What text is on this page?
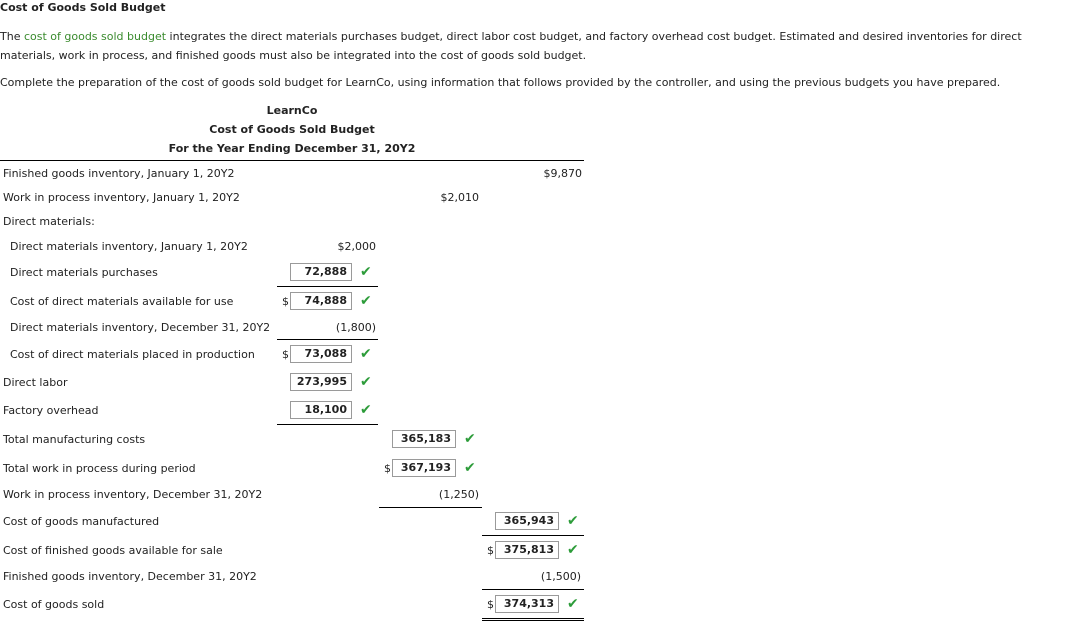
Cost of Goods Sold Budget
The cost of goods sold budget integrates the direct materials purchases budget, direct labor cost budget, and factory overhead cost budget. Estimated and desired inventories for direct materials, work in process, and finished goods must also be integrated into the cost of goods sold budget.
Complete the preparation of the cost of goods sold budget for LearnCo, using information that follows provided by the controller, and using the previous budgets you have prepared.
LearnCo
Cost of Goods Sold Budget
For the Year Ending December 31, 20Y2
Finished goods inventory, January 1, 20Y2	$9,870
Work in process inventory, January 1, 20Y2	$2,010
Direct materials:
Direct materials inventory, January 1, 20Y2	$2,000
Direct materials purchases	72,888 ✔
Cost of direct materials available for use	$	74,888 ✔
Direct materials inventory, December 31, 20Y2	(1,800)
Cost of direct materials placed in production $	73,088 ✔
Direct labor	273,995 ✔
Factory overhead	18,100 ✔
Total manufacturing costs	365,183 ✔
Total work in process during period	$ 367,193 ✔
Work in process inventory, December 31, 20Y2	(1,250)
Cost of goods manufactured	365,943 ✔
Cost of finished goods available for sale	$ 375,813 ✔
Finished goods inventory, December 31, 20Y2	(1,500)
Cost of goods sold	$ 374,313 ✔
